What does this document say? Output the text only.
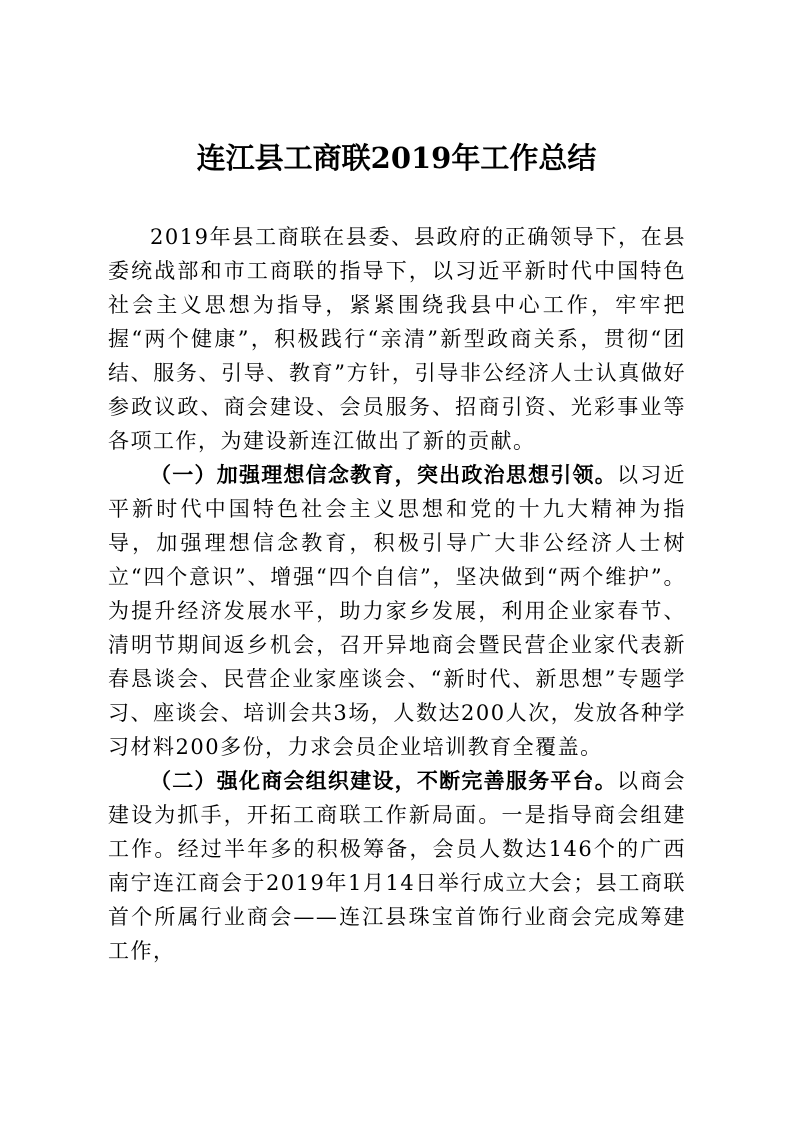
连江县工商联2019年工作总结

2019年县工商联在县委、县政府的正确领导下，在县委统战部和市工商联的指导下，以习近平新时代中国特色社会主义思想为指导，紧紧围绕我县中心工作，牢牢把握“两个健康”，积极践行“亲清”新型政商关系，贯彻“团结、服务、引导、教育”方针，引导非公经济人士认真做好参政议政、商会建设、会员服务、招商引资、光彩事业等各项工作，为建设新连江做出了新的贡献。

（一）加强理想信念教育，突出政治思想引领。以习近平新时代中国特色社会主义思想和党的十九大精神为指导，加强理想信念教育，积极引导广大非公经济人士树立“四个意识”、增强“四个自信”，坚决做到“两个维护”。为提升经济发展水平，助力家乡发展，利用企业家春节、清明节期间返乡机会，召开异地商会暨民营企业家代表新春恳谈会、民营企业家座谈会、“新时代、新思想”专题学习、座谈会、培训会共3场，人数达200人次，发放各种学习材料200多份，力求会员企业培训教育全覆盖。

（二）强化商会组织建设，不断完善服务平台。以商会建设为抓手，开拓工商联工作新局面。一是指导商会组建工作。经过半年多的积极筹备，会员人数达146个的广西南宁连江商会于2019年1月14日举行成立大会；县工商联首个所属行业商会——连江县珠宝首饰行业商会完成筹建工作，
